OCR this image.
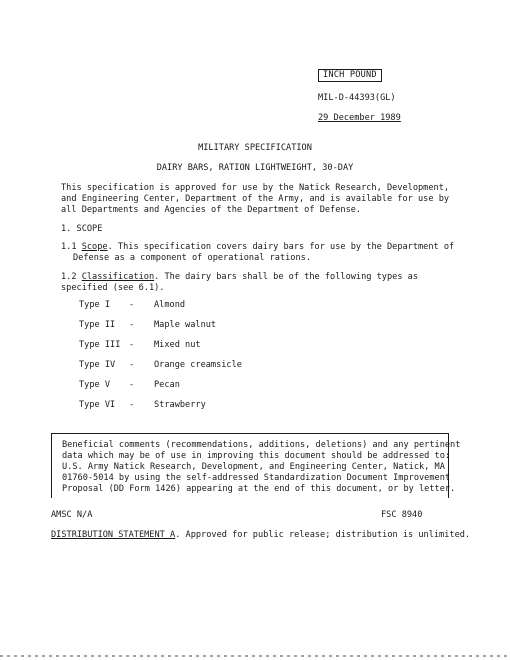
INCH POUND
MIL-D-44393(GL)
29 December 1989
MILITARY SPECIFICATION
DAIRY BARS, RATION LIGHTWEIGHT, 30-DAY
This specification is approved for use by the Natick Research, Development,
and Engineering Center, Department of the Army, and is available for use by
all Departments and Agencies of the Department of Defense.
1. SCOPE
1.1 Scope. This specification covers dairy bars for use by the Department of
Defense as a component of operational rations.
1.2 Classification. The dairy bars shall be of the following types as
specified (see 6.1).
Type I	- Almond
Type II	- Maple walnut
Type III - Mixed nut
Type IV	- Orange creamsicle
Type V	- Pecan
Type VI	- Strawberry
Beneficial comments (recommendations, additions, deletions) and any pertinent
data which may be of use in improving this document should be addressed to:
U.S. Army Natick Research, Development, and Engineering Center, Natick, MA
01760-5014 by using the self-addressed Standardization Document Improvement
Proposal (DD Form 1426) appearing at the end of this document, or by letter.
AMSC N/A	FSC 8940
DISTRIBUTION STATEMENT A. Approved for public release; distribution is unlimited.
